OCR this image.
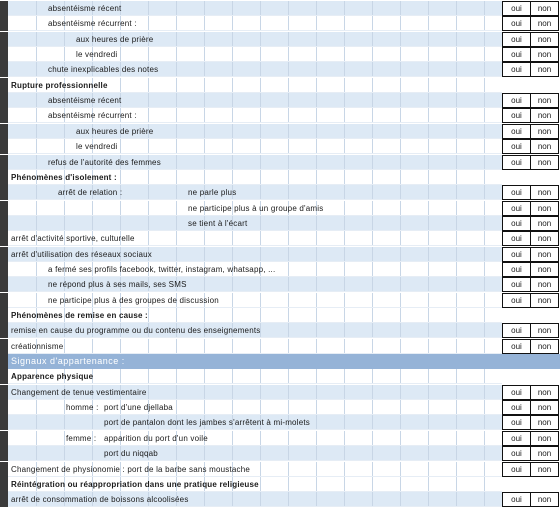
absentéisme récent	oui	non
absentéisme récurrent :	oui	non
aux heures de prière	oui	non
le vendredi	oui	non
chute inexplicables des notes	oui	non
Rupture professionnelle
absentéisme récent	oui	non
absentéisme récurrent :	oui	non
aux heures de prière	oui	non
le vendredi	oui	non
refus de l'autorité des femmes	oui	non
Phénomènes d'isolement :
arrêt de relation :	ne parle plus	oui	non
ne participe plus à un groupe d'amis	oui	non
se tient à l'écart	oui	non
arrêt d'activité sportive, culturelle	oui	non
arrêt d'utilisation des réseaux sociaux	oui	non
a fermé ses profils facebook, twitter, instagram, whatsapp, ...	oui	non
ne répond plus à ses mails, ses SMS	oui	non
ne participe plus à des groupes de discussion	oui	non
Phénomènes de remise en cause :
remise en cause du programme ou du contenu des enseignements	oui	non
créationnisme	oui	non
Signaux d'appartenance :
Apparence physique
Changement de tenue vestimentaire	oui	non
homme : port d'une djellaba	oui	non
port de pantalon dont les jambes s'arrêtent à mi-molets	oui	non
femme : apparition du port d'un voile	oui	non
port du niqqab	oui	non
Changement de physionomie : port de la barbe sans moustache	oui	non
Réintégration ou réappropriation dans une pratique religieuse
arrêt de consommation de boissons alcoolisées	oui	non
